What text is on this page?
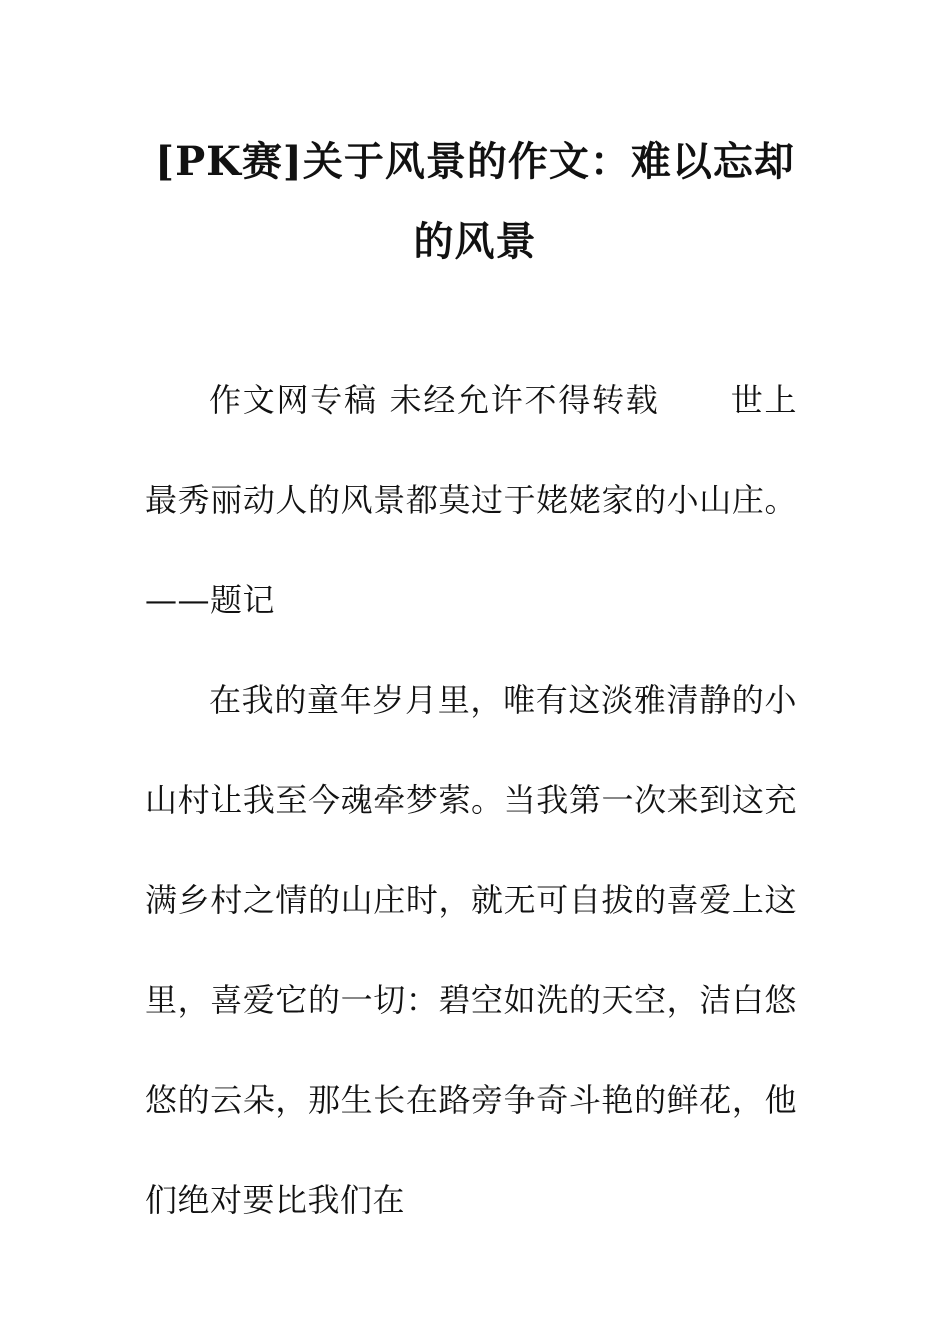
[PK赛]关于风景的作文：难以忘却的风景

作文网专稿 未经允许不得转载 世上最秀丽动人的风景都莫过于姥姥家的小山庄。——题记

在我的童年岁月里，唯有这淡雅清静的小山村让我至今魂牵梦萦。当我第一次来到这充满乡村之情的山庄时，就无可自拔的喜爱上这里，喜爱它的一切：碧空如洗的天空，洁白悠悠的云朵，那生长在路旁争奇斗艳的鲜花，他们绝对要比我们在
